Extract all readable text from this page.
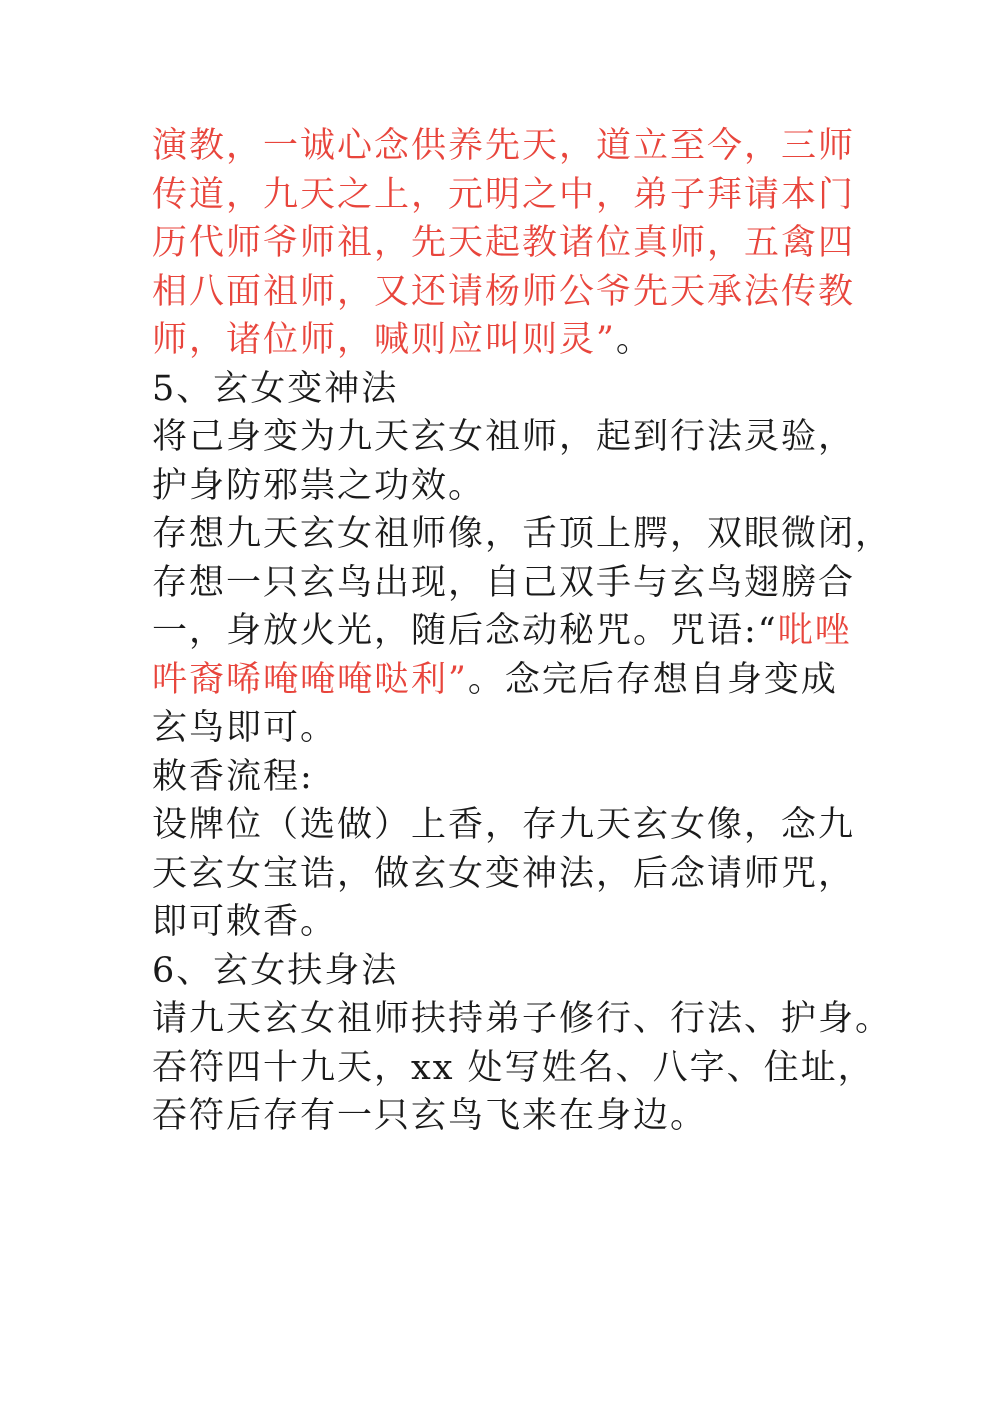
演教，一诚心念供养先天，道立至今，三师
传道，九天之上，元明之中，弟子拜请本门
历代师爷师祖，先天起教诸位真师，五禽四
相八面祖师，又还请杨师公爷先天承法传教
师，诸位师，喊则应叫则灵”。
5、玄女变神法
将己身变为九天玄女祖师，起到行法灵验，
护身防邪祟之功效。
存想九天玄女祖师像，舌顶上腭，双眼微闭，
存想一只玄鸟出现，自己双手与玄鸟翅膀合
一，身放火光，随后念动秘咒。咒语:“吡唑
吽裔唏唵唵唵哒利”。念完后存想自身变成
玄鸟即可。
敕香流程:
设牌位（选做）上香，存九天玄女像，念九
天玄女宝诰，做玄女变神法，后念请师咒，
即可敕香。
6、玄女扶身法
请九天玄女祖师扶持弟子修行、行法、护身。
吞符四十九天，xx 处写姓名、八字、住址，
吞符后存有一只玄鸟飞来在身边。
